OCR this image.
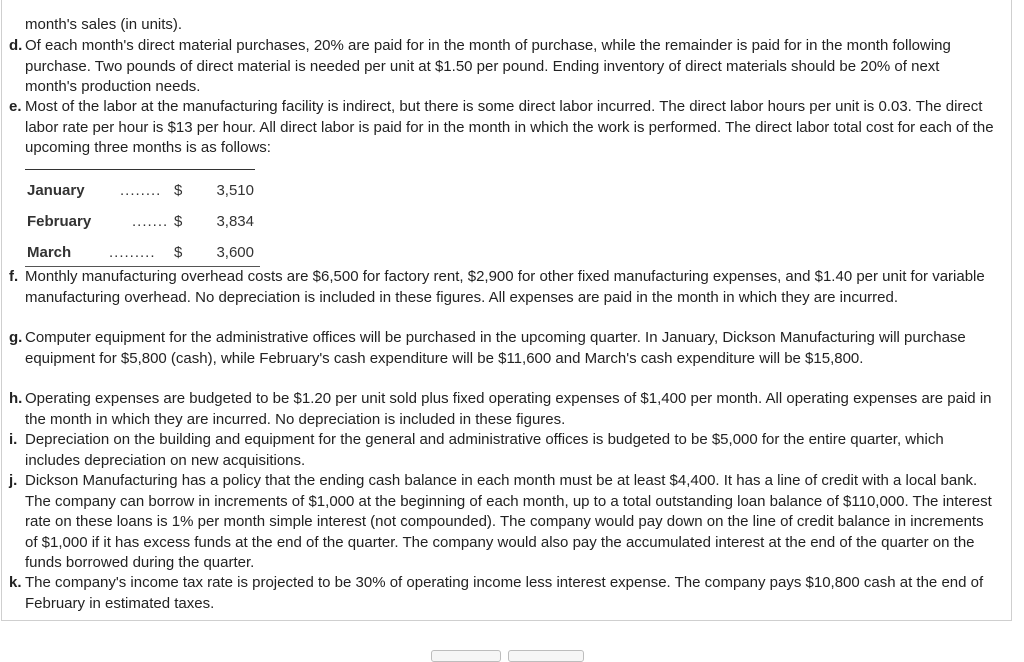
month's sales (in units).
d. Of each month's direct material purchases, 20% are paid for in the month of purchase, while the remainder is paid for in the month following purchase. Two pounds of direct material is needed per unit at $1.50 per pound. Ending inventory of direct materials should be 20% of next month's production needs.
e. Most of the labor at the manufacturing facility is indirect, but there is some direct labor incurred. The direct labor hours per unit is 0.03. The direct labor rate per hour is $13 per hour. All direct labor is paid for in the month in which the work is performed. The direct labor total cost for each of the upcoming three months is as follows:
January ........ $ 3,510
February	....... $ 3,834
March	......... $ 3,600
f. Monthly manufacturing overhead costs are $6,500 for factory rent, $2,900 for other fixed manufacturing expenses, and $1.40 per unit for variable manufacturing overhead. No depreciation is included in these figures. All expenses are paid in the month in which they are incurred.
g. Computer equipment for the administrative offices will be purchased in the upcoming quarter. In January, Dickson Manufacturing will purchase equipment for $5,800 (cash), while February's cash expenditure will be $11,600 and March's cash expenditure will be $15,800.
h. Operating expenses are budgeted to be $1.20 per unit sold plus fixed operating expenses of $1,400 per month. All operating expenses are paid in the month in which they are incurred. No depreciation is included in these figures.
i. Depreciation on the building and equipment for the general and administrative offices is budgeted to be $5,000 for the entire quarter, which includes depreciation on new acquisitions.
j. Dickson Manufacturing has a policy that the ending cash balance in each month must be at least $4,400. It has a line of credit with a local bank. The company can borrow in increments of $1,000 at the beginning of each month, up to a total outstanding loan balance of $110,000. The interest rate on these loans is 1% per month simple interest (not compounded). The company would pay down on the line of credit balance in increments of $1,000 if it has excess funds at the end of the quarter. The company would also pay the accumulated interest at the end of the quarter on the funds borrowed during the quarter.
k. The company's income tax rate is projected to be 30% of operating income less interest expense. The company pays $10,800 cash at the end of February in estimated taxes.
